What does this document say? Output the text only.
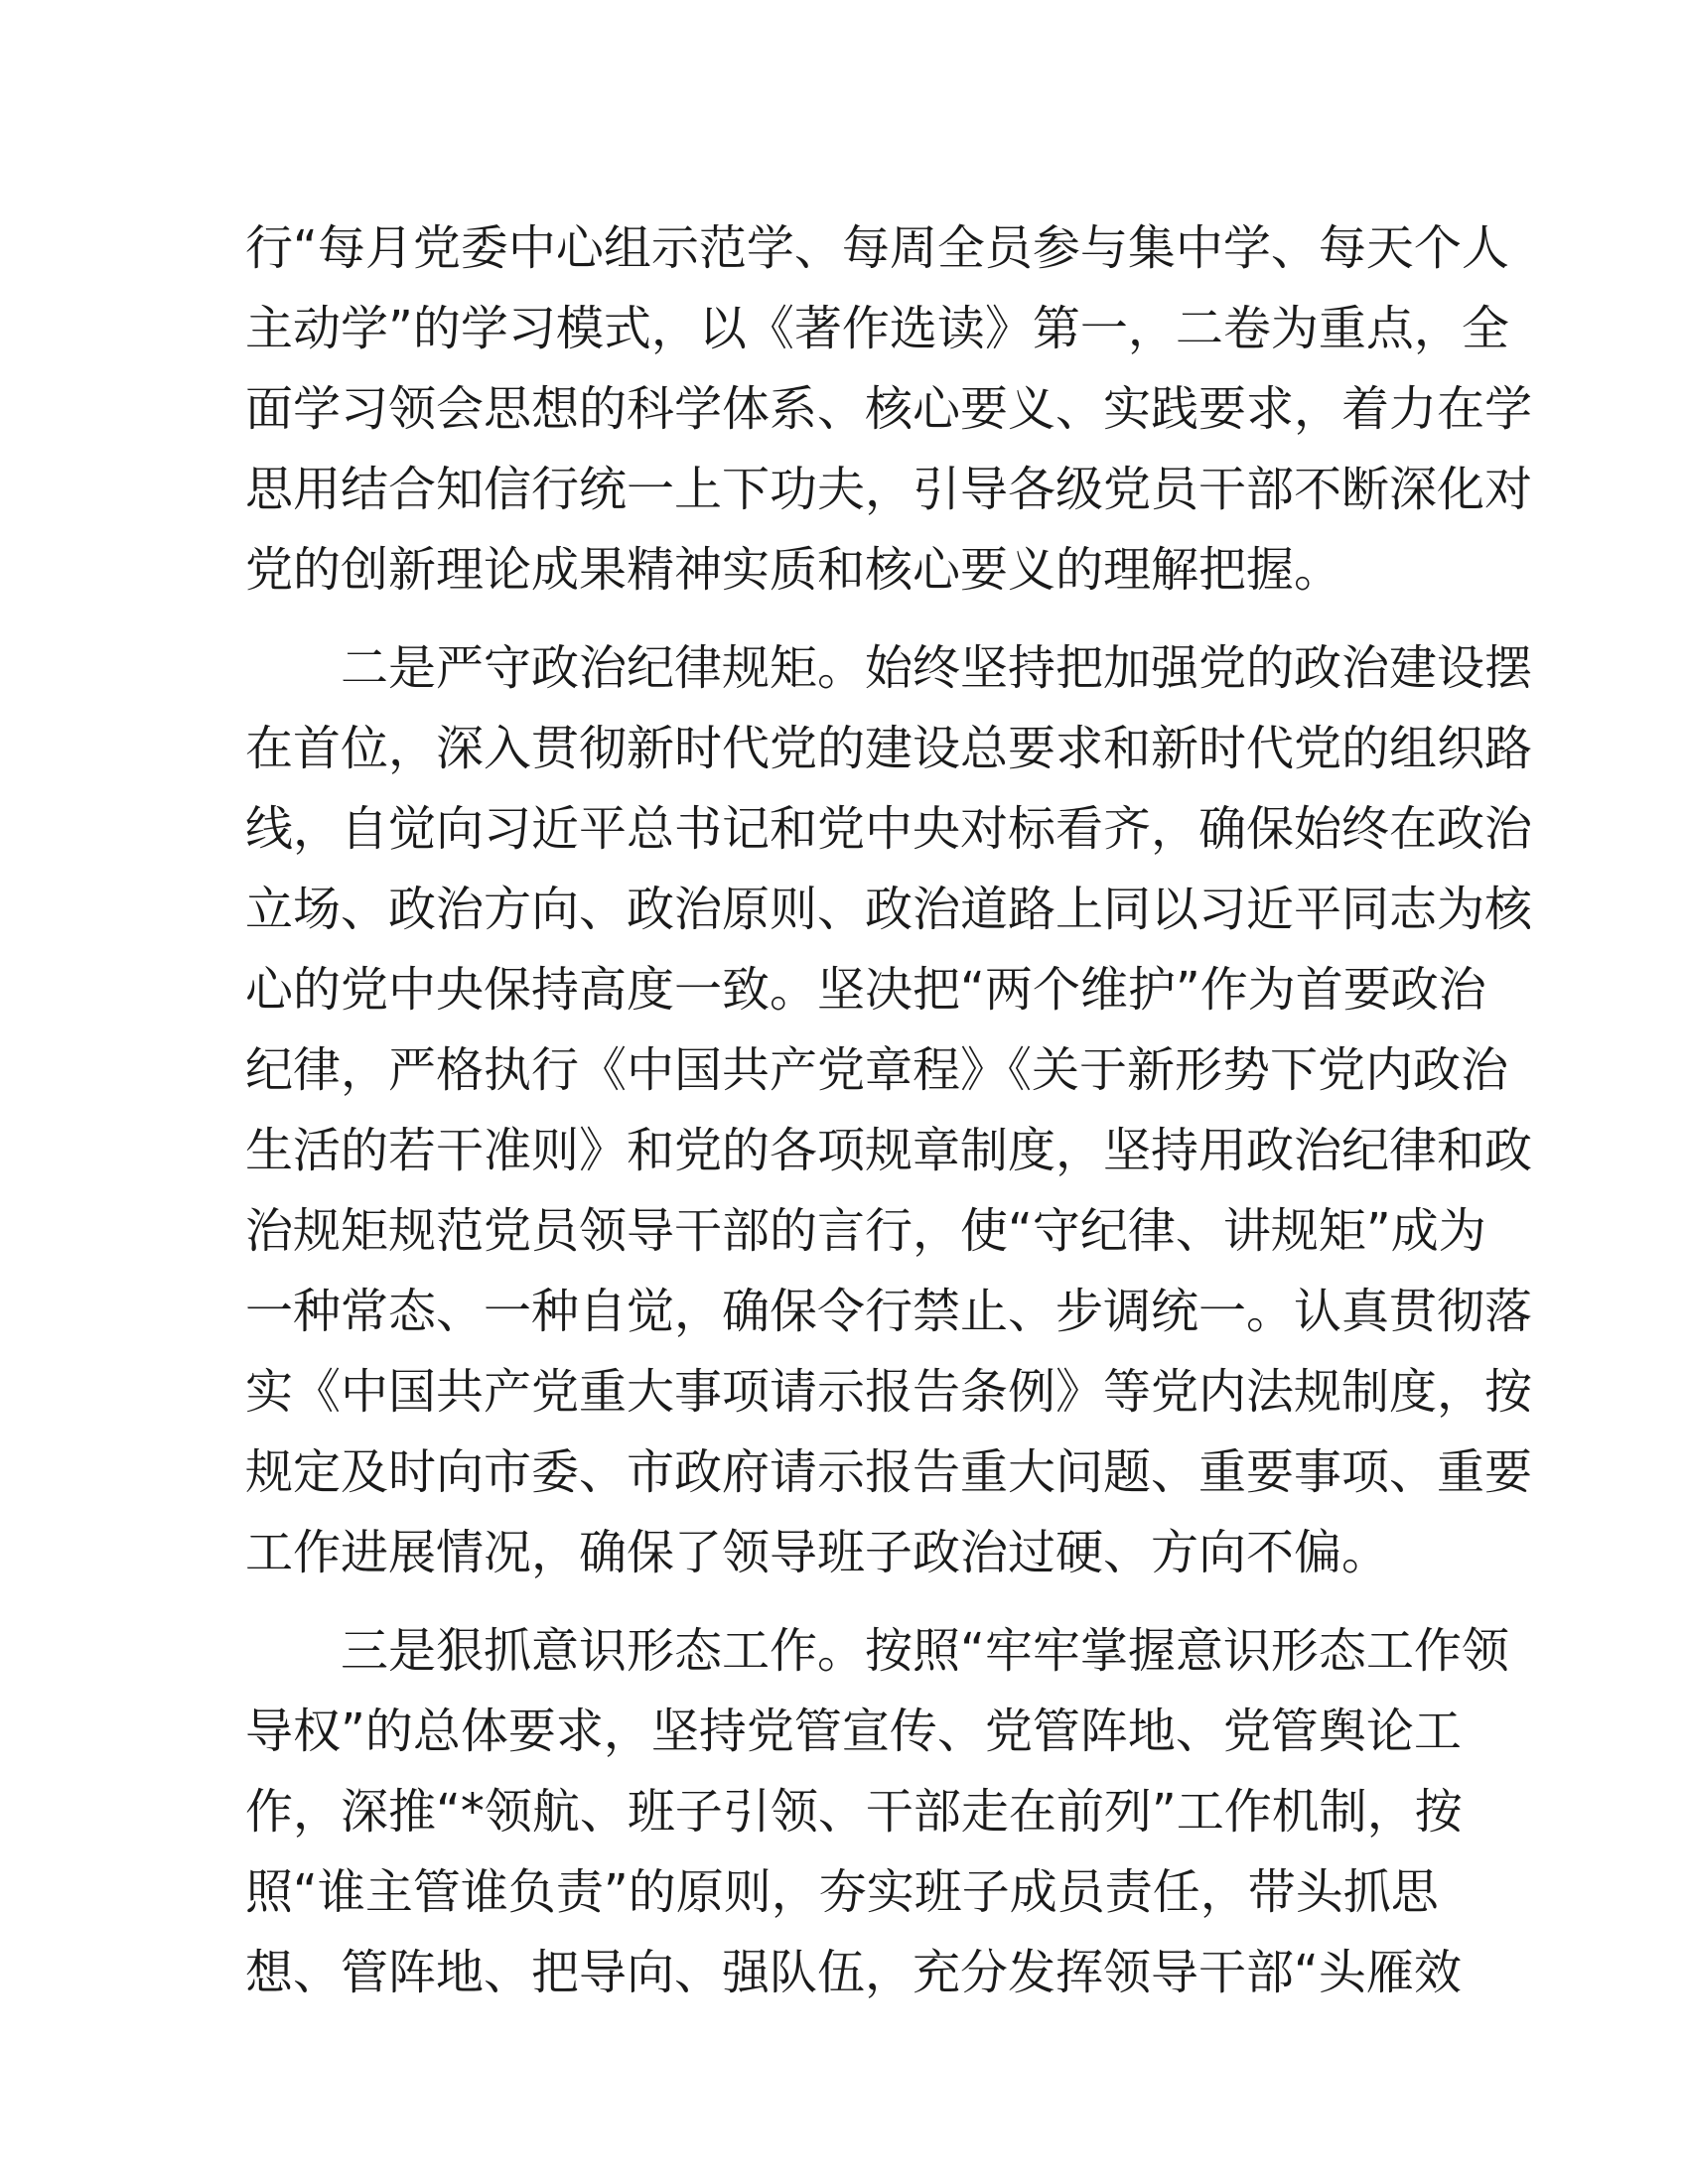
行“每月党委中心组示范学、每周全员参与集中学、每天个人
主动学”的学习模式，以《著作选读》第一，二卷为重点，全
面学习领会思想的科学体系、核心要义、实践要求，着力在学
思用结合知信行统一上下功夫，引导各级党员干部不断深化对
党的创新理论成果精神实质和核心要义的理解把握。
二是严守政治纪律规矩。始终坚持把加强党的政治建设摆
在首位，深入贯彻新时代党的建设总要求和新时代党的组织路
线，自觉向习近平总书记和党中央对标看齐，确保始终在政治
立场、政治方向、政治原则、政治道路上同以习近平同志为核
心的党中央保持高度一致。坚决把“两个维护”作为首要政治
纪律，严格执行《中国共产党章程》《关于新形势下党内政治
生活的若干准则》和党的各项规章制度，坚持用政治纪律和政
治规矩规范党员领导干部的言行，使“守纪律、讲规矩”成为
一种常态、一种自觉，确保令行禁止、步调统一。认真贯彻落
实《中国共产党重大事项请示报告条例》等党内法规制度，按
规定及时向市委、市政府请示报告重大问题、重要事项、重要
工作进展情况，确保了领导班子政治过硬、方向不偏。
三是狠抓意识形态工作。按照“牢牢掌握意识形态工作领
导权”的总体要求，坚持党管宣传、党管阵地、党管舆论工
作，深推“*领航、班子引领、干部走在前列”工作机制，按
照“谁主管谁负责”的原则，夯实班子成员责任，带头抓思
想、管阵地、把导向、强队伍，充分发挥领导干部“头雁效
